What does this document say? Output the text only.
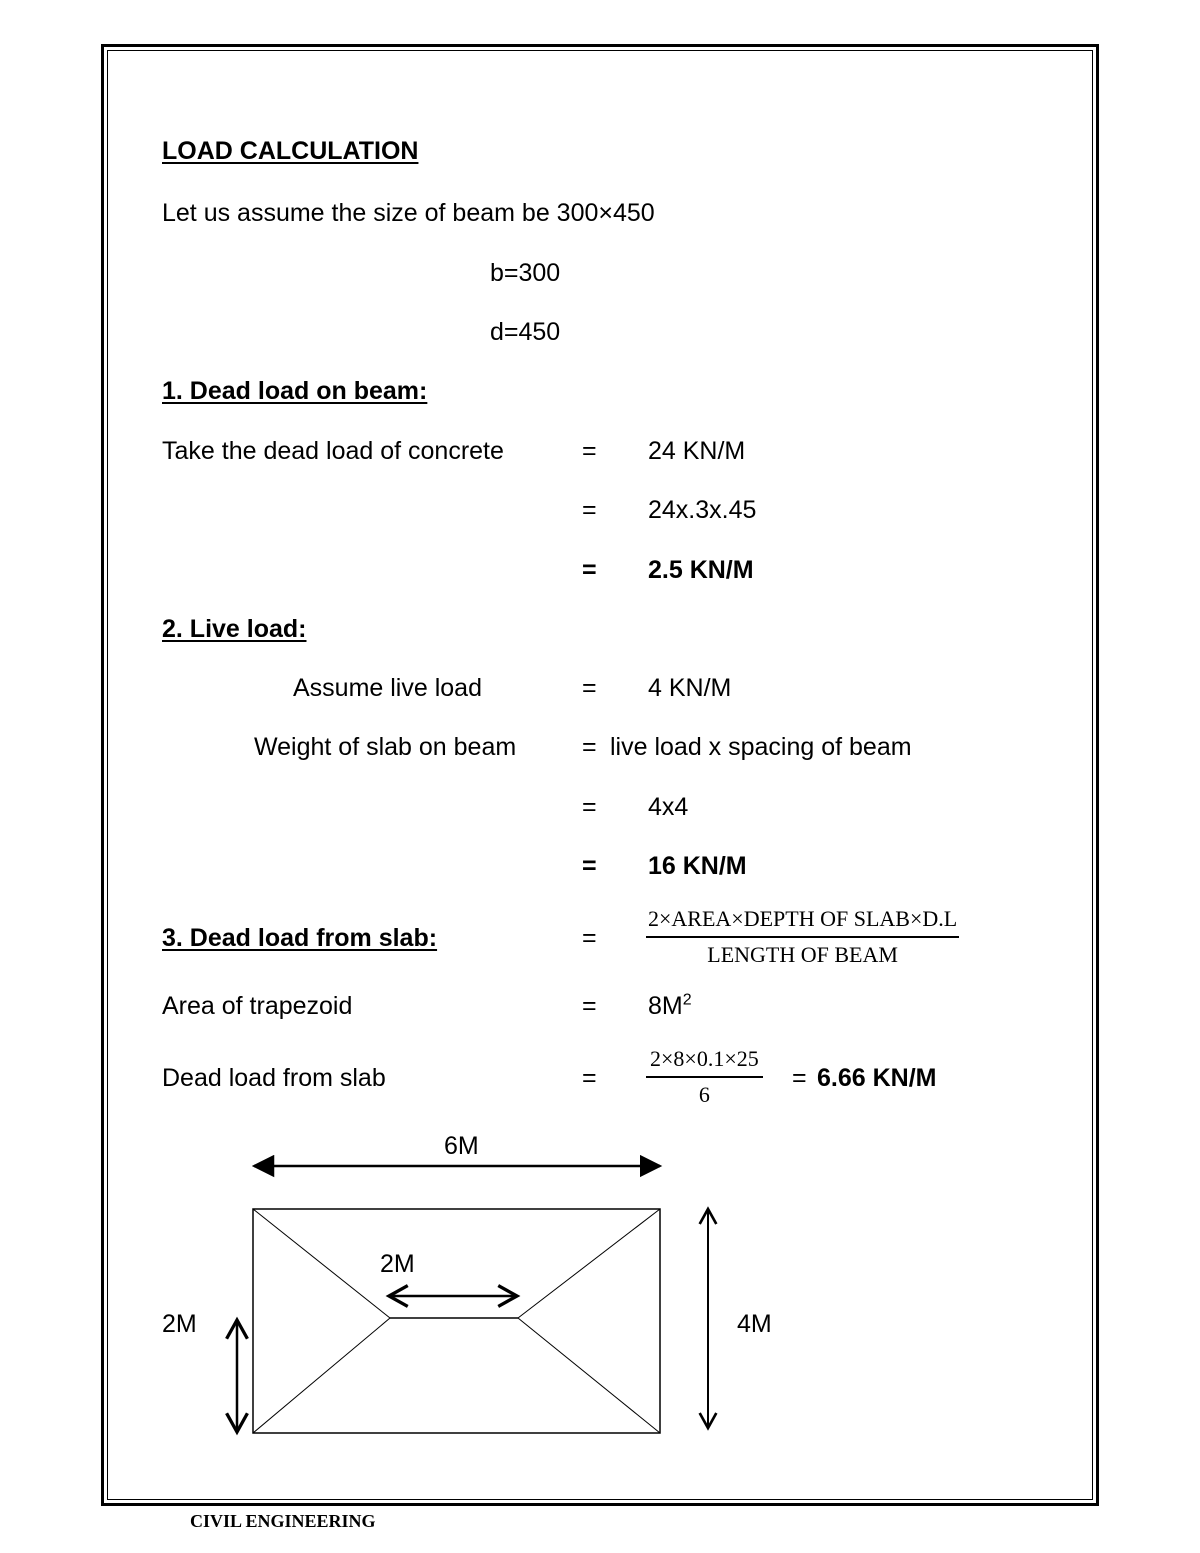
LOAD CALCULATION
Let us assume the size of beam be 300×450
b=300
d=450
1. Dead load on beam:
Take the dead load of concrete	= 24 KN/M
= 24x.3x.45
= 2.5 KN/M
2. Live load:
Assume live load	= 4 KN/M
Weight of slab on beam	= live load x spacing of beam
= 4x4
= 16 KN/M
3. Dead load from slab:	=
2×AREA×DEPTH OF SLAB×D.L
LENGTH OF BEAM
Area of trapezoid	= $8M^2$
Dead load from slab	= $\frac{2\times 8\times 0.1\times 25}{6} = 6.66$ KN/M
6M
2M
2M	4M
CIVIL ENGINEERING
